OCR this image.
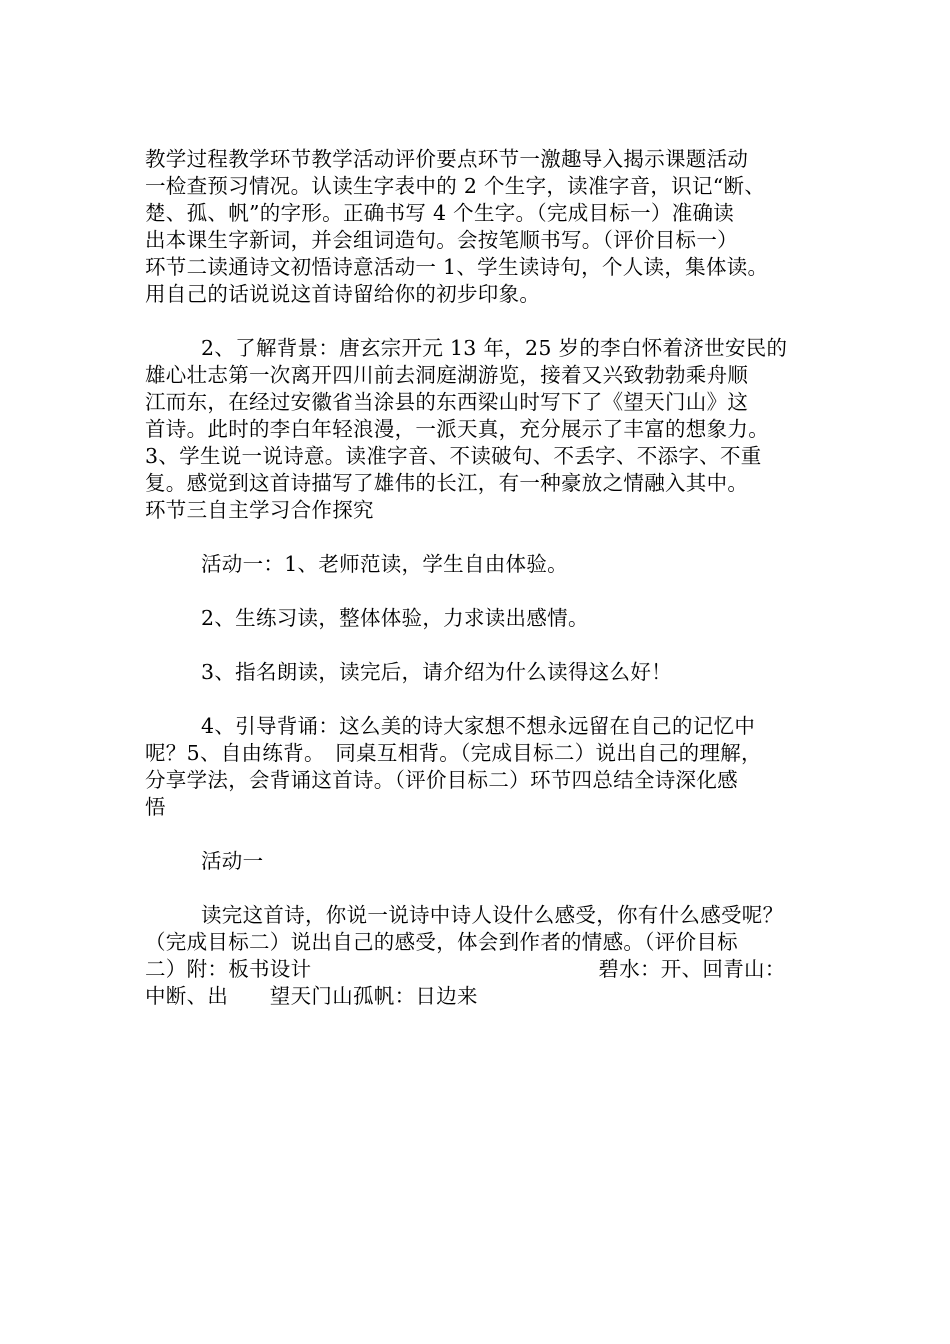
教学过程教学环节教学活动评价要点环节一激趣导入揭示课题活动
一检查预习情况。认读生字表中的 2 个生字，读准字音，识记“断、
楚、孤、帆”的字形。正确书写 4 个生字。（完成目标一）准确读
出本课生字新词，并会组词造句。会按笔顺书写。（评价目标一）
环节二读通诗文初悟诗意活动一 1、学生读诗句，个人读，集体读。
用自己的话说说这首诗留给你的初步印象。
2、了解背景：唐玄宗开元 13 年，25 岁的李白怀着济世安民的
雄心壮志第一次离开四川前去洞庭湖游览，接着又兴致勃勃乘舟顺
江而东，在经过安徽省当涂县的东西梁山时写下了《望天门山》这
首诗。此时的李白年轻浪漫，一派天真，充分展示了丰富的想象力。
3、学生说一说诗意。读准字音、不读破句、不丢字、不添字、不重
复。感觉到这首诗描写了雄伟的长江，有一种豪放之情融入其中。
环节三自主学习合作探究
活动一：1、老师范读，学生自由体验。
2、生练习读，整体体验，力求读出感情。
3、指名朗读，读完后，请介绍为什么读得这么好！
4、引导背诵：这么美的诗大家想不想永远留在自己的记忆中
呢？5、自由练背。　同桌互相背。（完成目标二）说出自己的理解，
分享学法，会背诵这首诗。（评价目标二）环节四总结全诗深化感
悟
活动一
读完这首诗，你说一说诗中诗人设什么感受，你有什么感受呢？
（完成目标二）说出自己的感受，体会到作者的情感。（评价目标
二）附：板书设计	碧水：开、回青山：
中断、出　　望天门山孤帆：日边来
